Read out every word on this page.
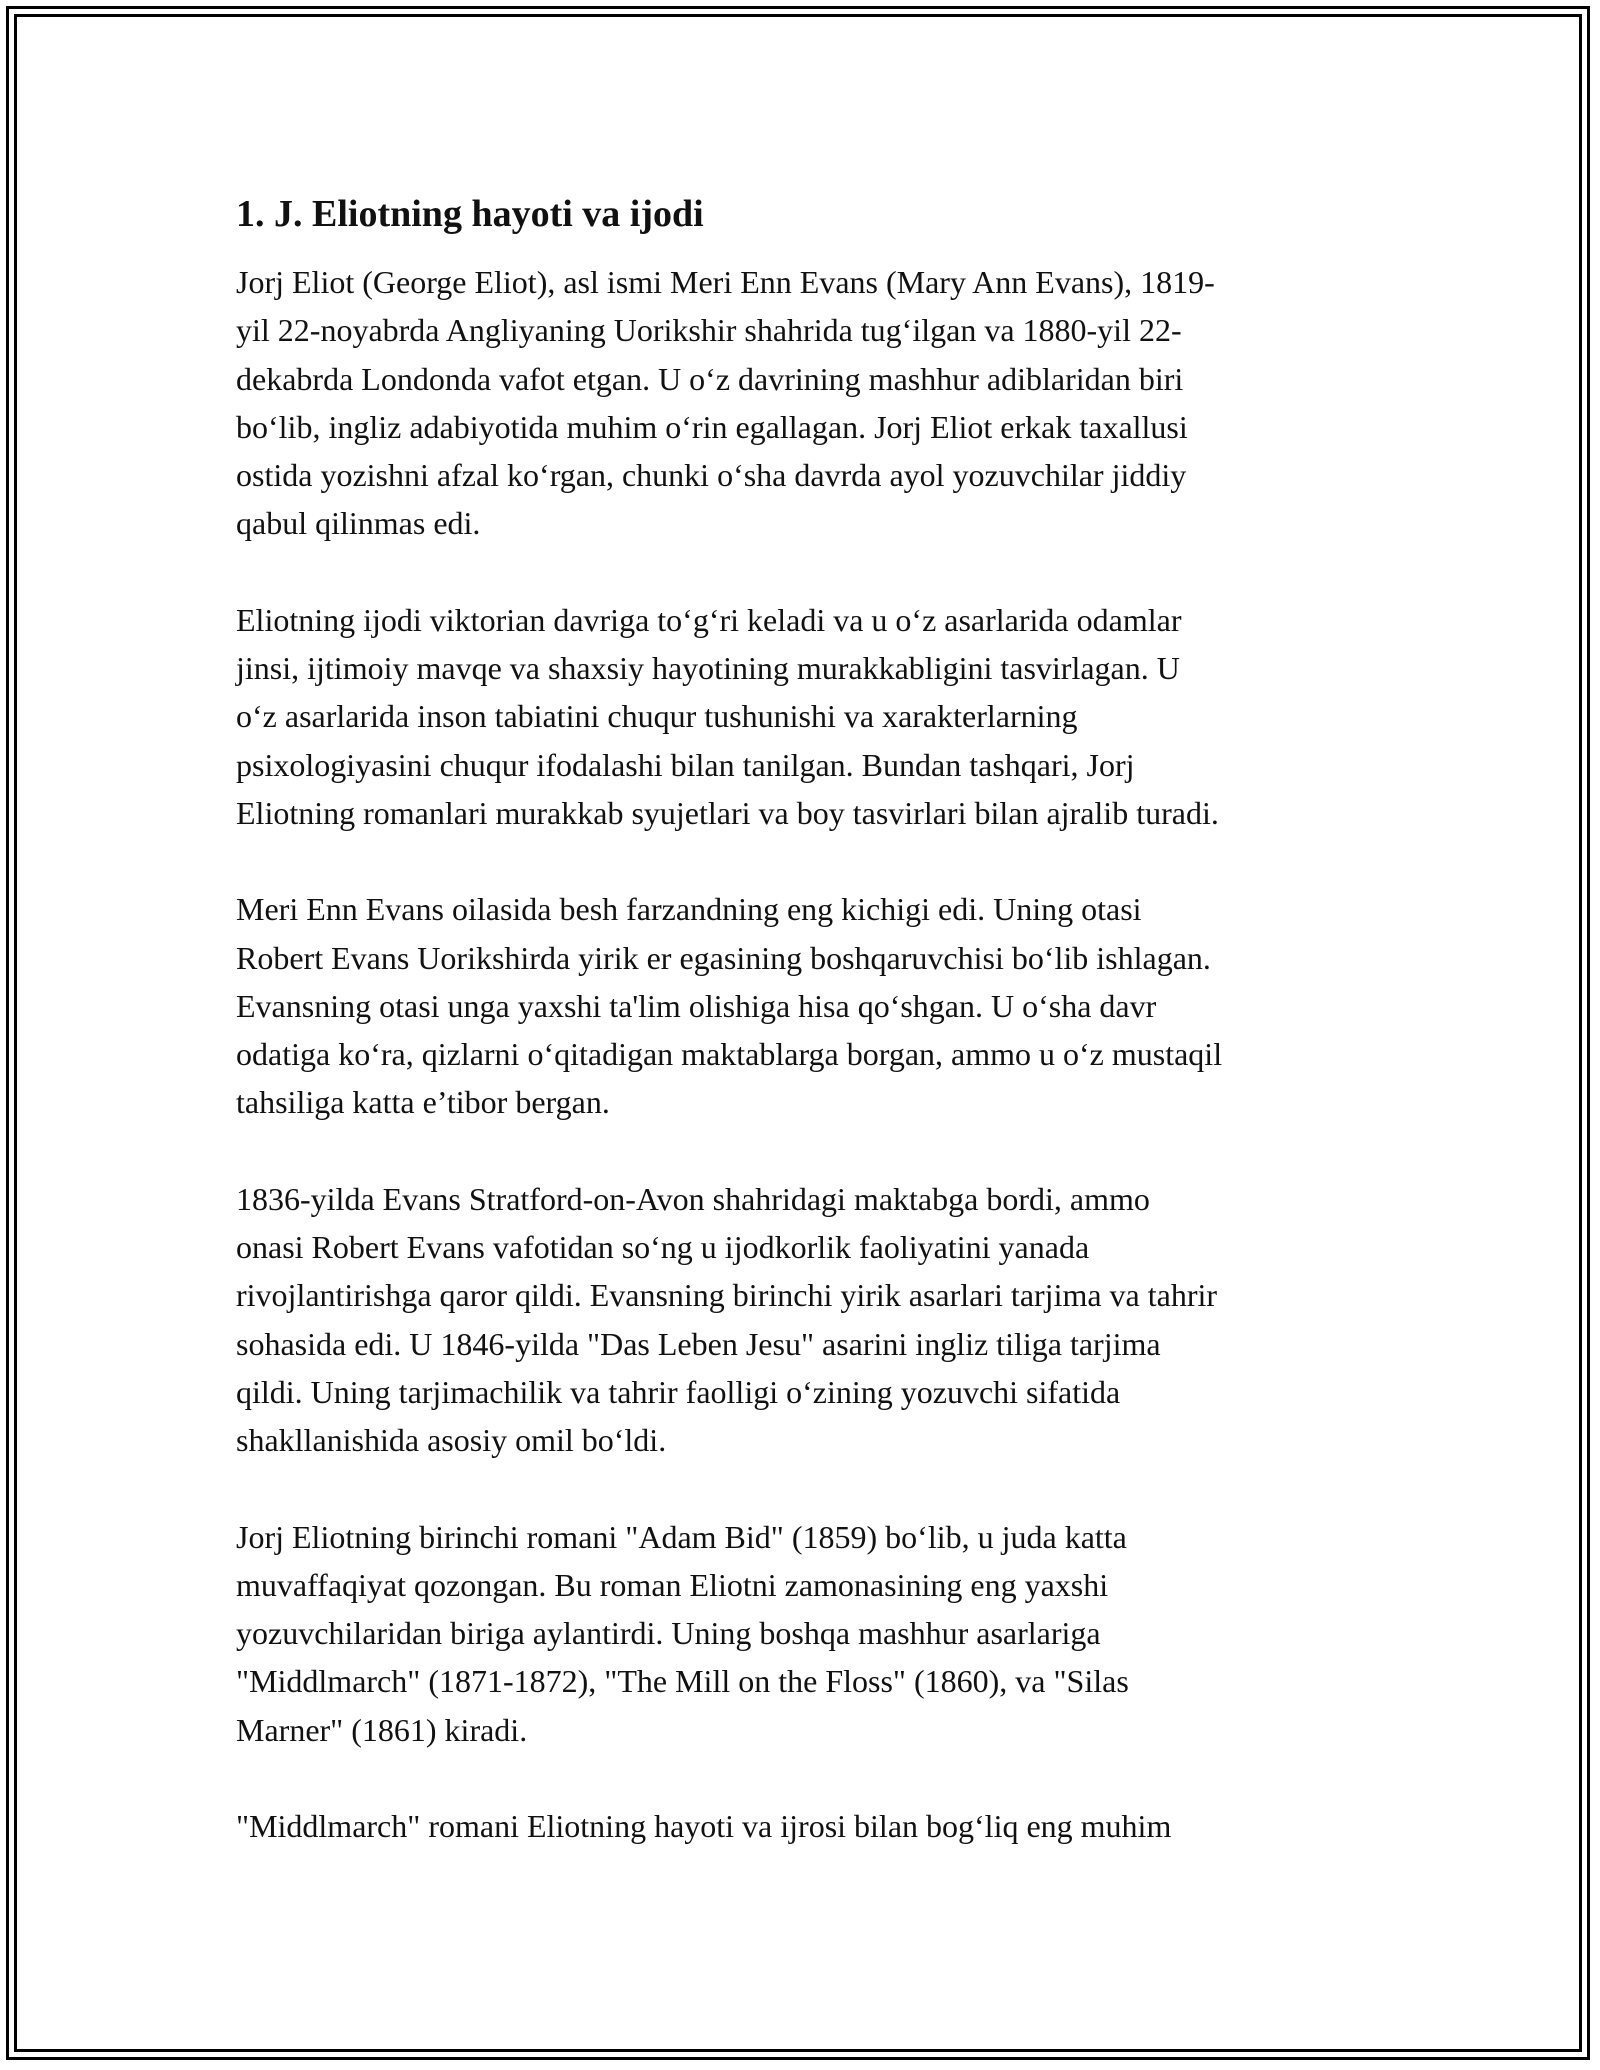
1. J. Eliotning hayoti va ijodi

Jorj Eliot (George Eliot), asl ismi Meri Enn Evans (Mary Ann Evans), 1819-
yil 22-noyabrda Angliyaning Uorikshir shahrida tug‘ilgan va 1880-yil 22-
dekabrda Londonda vafot etgan. U o‘z davrining mashhur adiblaridan biri
bo‘lib, ingliz adabiyotida muhim o‘rin egallagan. Jorj Eliot erkak taxallusi
ostida yozishni afzal ko‘rgan, chunki o‘sha davrda ayol yozuvchilar jiddiy
qabul qilinmas edi.

Eliotning ijodi viktorian davriga to‘g‘ri keladi va u o‘z asarlarida odamlar
jinsi, ijtimoiy mavqe va shaxsiy hayotining murakkabligini tasvirlagan. U
o‘z asarlarida inson tabiatini chuqur tushunishi va xarakterlarning
psixologiyasini chuqur ifodalashi bilan tanilgan. Bundan tashqari, Jorj
Eliotning romanlari murakkab syujetlari va boy tasvirlari bilan ajralib turadi.

Meri Enn Evans oilasida besh farzandning eng kichigi edi. Uning otasi
Robert Evans Uorikshirda yirik er egasining boshqaruvchisi bo‘lib ishlagan.
Evansning otasi unga yaxshi ta'lim olishiga hisa qo‘shgan. U o‘sha davr
odatiga ko‘ra, qizlarni o‘qitadigan maktablarga borgan, ammo u o‘z mustaqil
tahsiliga katta e’tibor bergan.

1836-yilda Evans Stratford-on-Avon shahridagi maktabga bordi, ammo
onasi Robert Evans vafotidan so‘ng u ijodkorlik faoliyatini yanada
rivojlantirishga qaror qildi. Evansning birinchi yirik asarlari tarjima va tahrir
sohasida edi. U 1846-yilda "Das Leben Jesu" asarini ingliz tiliga tarjima
qildi. Uning tarjimachilik va tahrir faolligi o‘zining yozuvchi sifatida
shakllanishida asosiy omil bo‘ldi.

Jorj Eliotning birinchi romani "Adam Bid" (1859) bo‘lib, u juda katta
muvaffaqiyat qozongan. Bu roman Eliotni zamonasining eng yaxshi
yozuvchilaridan biriga aylantirdi. Uning boshqa mashhur asarlariga
"Middlmarch" (1871-1872), "The Mill on the Floss" (1860), va "Silas
Marner" (1861) kiradi.

"Middlmarch" romani Eliotning hayoti va ijrosi bilan bog‘liq eng muhim
